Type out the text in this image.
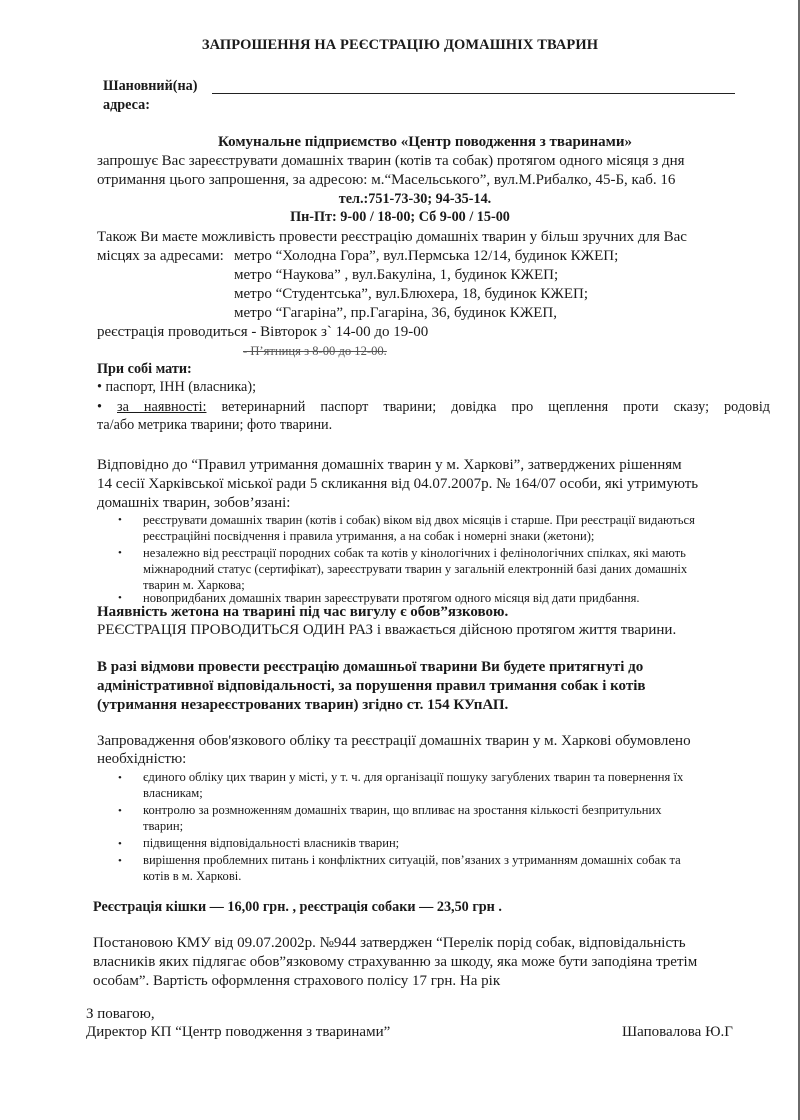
ЗАПРОШЕННЯ НА РЕЄСТРАЦІЮ ДОМАШНІХ ТВАРИН
Шановний(на)
адреса:
Комунальне підприємство «Центр поводження з тваринами»
запрошує Вас зареєструвати домашніх тварин (котів та собак) протягом одного місяця з дня
отримання цього запрошення, за адресою: м.“Масельського”, вул.М.Рибалко, 45-Б, каб. 16
тел.:751-73-30; 94-35-14.
Пн-Пт: 9-00 / 18-00; Сб 9-00 / 15-00
Також Ви маєте можливість провести реєстрацію домашніх тварин у більш зручних для Вас
місцях за адресами: метро “Холодна Гора”, вул.Пермська 12/14, будинок КЖЕП;
метро “Наукова” , вул.Бакуліна, 1, будинок КЖЕП;
метро “Студентська”, вул.Блюхера, 18, будинок КЖЕП;
метро “Гагаріна”, пр.Гагаріна, 36, будинок КЖЕП,
реєстрація проводиться - Вівторок з` 14-00 до 19-00
- П’ятниця з 8-00 до 12-00.
При собі мати:
• паспорт, ІНН (власника);
• за наявності: ветеринарний паспорт тварини; довідка про щеплення проти сказу; родовід
та/або метрика тварини; фото тварини.
Відповідно до “Правил утримання домашніх тварин у м. Харкові”, затверджених рішенням
14 сесії Харківської міської ради 5 скликання від 04.07.2007р. № 164/07 особи, які утримують
домашніх тварин, зобов’язані:
• реєструвати домашніх тварин (котів і собак) віком від двох місяців і старше. При реєстрації видаються
реєстраційні посвідчення і правила утримання, а на собак і номерні знаки (жетони);
• незалежно від реєстрації породних собак та котів у кінологічних і фелінологічних спілках, які мають
міжнародний статус (сертифікат), зареєструвати тварин у загальній електронній базі даних домашніх
тварин м. Харкова;
• новопридбаних домашніх тварин зареєструвати протягом одного місяця від дати придбання.
Наявність жетона на тварині під час вигулу є обов”язковою.
РЕЄСТРАЦІЯ ПРОВОДИТЬСЯ ОДИН РАЗ і вважається дійсною протягом життя тварини.
В разі відмови провести реєстрацію домашньої тварини Ви будете притягнуті до
адміністративної відповідальності, за порушення правил тримання собак і котів
(утримання незареєстрованих тварин) згідно ст. 154 КУпАП.
Запровадження обов'язкового обліку та реєстрації домашніх тварин у м. Харкові обумовлено
необхідністю:
• єдиного обліку цих тварин у місті, у т. ч. для організації пошуку загублених тварин та повернення їх
власникам;
• контролю за розмноженням домашніх тварин, що впливає на зростання кількості безпритульних
тварин;
• підвищення відповідальності власників тварин;
• вирішення проблемних питань і конфліктних ситуацій, пов’язаних з утриманням домашніх собак та
котів в м. Харкові.
Реєстрація кішки — 16,00 грн. , реєстрація собаки — 23,50 грн .
Постановою КМУ від 09.07.2002р. №944 затверджен “Перелік порід собак, відповідальність
власників яких підлягає обов”язковому страхуванню за шкоду, яка може бути заподіяна третім
особам”. Вартість оформлення страхового полісу 17 грн. На рік
З повагою,
Директор КП “Центр поводження з тваринами”	Шаповалова Ю.Г
